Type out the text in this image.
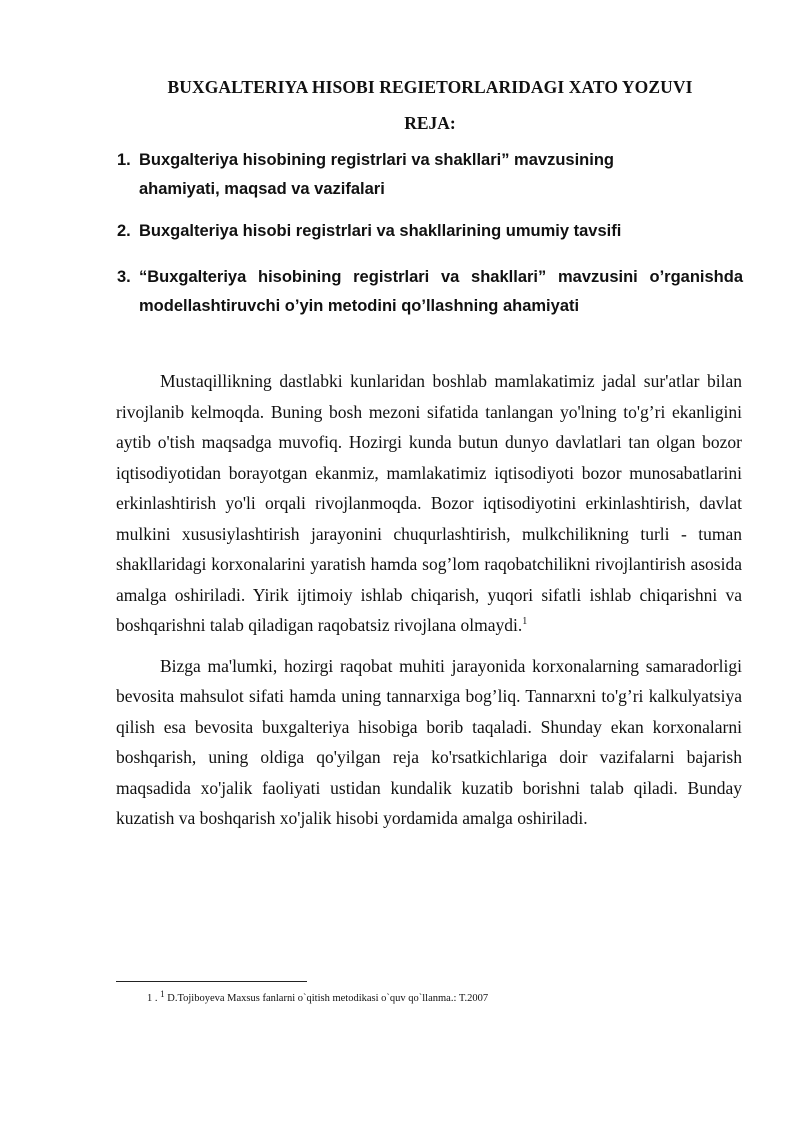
BUXGALTERIYA HISOBI REGIETORLARIDAGI XATO YOZUVI
REJA:
1. Buxgalteriya hisobining registrlari va shakllari” mavzusining ahamiyati, maqsad va vazifalari
2. Buxgalteriya hisobi registrlari va shakllarining umumiy tavsifi
3. “Buxgalteriya hisobining registrlari va shakllari” mavzusini o’rganishda modellashtiruvchi o’yin metodini qo’llashning ahamiyati

Mustaqillikning dastlabki kunlaridan boshlab mamlakatimiz jadal sur'atlar bilan rivojlanib kelmoqda. Buning bosh mezoni sifatida tanlangan yo'lning to'g’ri ekanligini aytib o'tish maqsadga muvofiq. Hozirgi kunda butun dunyo davlatlari tan olgan bozor iqtisodiyotidan borayotgan ekanmiz, mamlakatimiz iqtisodiyoti bozor munosabatlarini erkinlashtirish yo'li orqali rivojlanmoqda. Bozor iqtisodiyotini erkinlashtirish, davlat mulkini xususiylashtirish jarayonini chuqurlashtirish, mulkchilikning turli - tuman shakllaridagi korxonalarini yaratish hamda sog’lom raqobatchilikni rivojlantirish asosida amalga oshiriladi. Yirik ijtimoiy ishlab chiqarish, yuqori sifatli ishlab chiqarishni va boshqarishni talab qiladigan raqobatsiz rivojlana olmaydi.$^1$

Bizga ma'lumki, hozirgi raqobat muhiti jarayonida korxonalarning samaradorligi bevosita mahsulot sifati hamda uning tannarxiga bog’liq. Tannarxni to'g’ri kalkulyatsiya qilish esa bevosita buxgalteriya hisobiga borib taqaladi. Shunday ekan korxonalarni boshqarish, uning oldiga qo'yilgan reja ko'rsatkichlariga doir vazifalarni bajarish maqsadida xo'jalik faoliyati ustidan kundalik kuzatib borishni talab qiladi. Bunday kuzatish va boshqarish xo'jalik hisobi yordamida amalga oshiriladi.

1 . $^1$ D.Tojiboyeva Maxsus fanlarni o`qitish metodikasi o`quv qo`llanma.: T.2007
